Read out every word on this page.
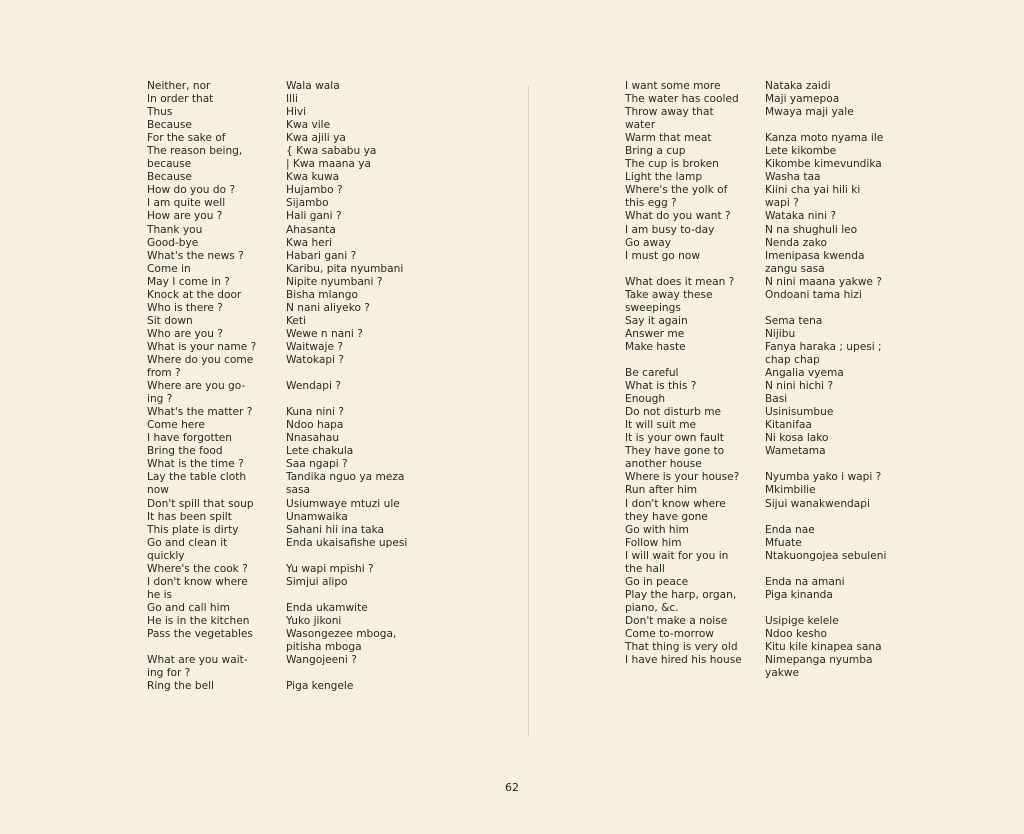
Neither, nor	Wala wala
In order that	Illi
Thus	Hivi
Because	Kwa vile
For the sake of	Kwa ajili ya
The reason being,	{ Kwa sababu ya
because	| Kwa maana ya
Because	Kwa kuwa
How do you do ?	Hujambo ?
I am quite well	Sijambo
How are you ?	Hali gani ?
Thank you	Ahasanta
Good-bye	Kwa heri
What's the news ?	Habari gani ?
Come in	Karibu, pita nyumbani
May I come in ?	Nipite nyumbani ?
Knock at the door	Bisha mlango
Who is there ?	N nani aliyeko ?
Sit down	Keti
Who are you ?	Wewe n nani ?
What is your name ?	Waitwaje ?
Where do you come	Watokapi ?
from ?
Where are you go-	Wendapi ?
ing ?
What's the matter ?	Kuna nini ?
Come here	Ndoo hapa
I have forgotten	Nnasahau
Bring the food	Lete chakula
What is the time ?	Saa ngapi ?
Lay the table cloth	Tandika nguo ya meza
now	sasa
Don't spill that soup	Usiumwaye mtuzi ule
It has been spilt	Unamwaika
This plate is dirty	Sahani hii ina taka
Go and clean it	Enda ukaisafishe upesi
quickly
Where's the cook ?	Yu wapi mpishi ?
I don't know where	Simjui alipo
he is
Go and call him	Enda ukamwite
He is in the kitchen	Yuko jikoni
Pass the vegetables	Wasongezee mboga,
pitisha mboga
What are you wait-	Wangojeeni ?
ing for ?
Ring the bell	Piga kengele
I want some more	Nataka zaidi
The water has cooled	Maji yamepoa
Throw away that	Mwaya maji yale
water
Warm that meat	Kanza moto nyama ile
Bring a cup	Lete kikombe
The cup is broken	Kikombe kimevundika
Light the lamp	Washa taa
Where's the yolk of	Kiini cha yai hili ki
this egg ?	wapi ?
What do you want ?	Wataka nini ?
I am busy to-day	N na shughuli leo
Go away	Nenda zako
I must go now	Imenipasa kwenda
zangu sasa
What does it mean ?	N nini maana yakwe ?
Take away these	Ondoani tama hizi
sweepings
Say it again	Sema tena
Answer me	Nijibu
Make haste	Fanya haraka ; upesi ;
chap chap
Be careful	Angalia vyema
What is this ?	N nini hichi ?
Enough	Basi
Do not disturb me	Usinisumbue
It will suit me	Kitanifaa
It is your own fault	Ni kosa lako
They have gone to	Wametama
another house
Where is your house?	Nyumba yako i wapi ?
Run after him	Mkimbilie
I don't know where	Sijui wanakwendapi
they have gone
Go with him	Enda nae
Follow him	Mfuate
I will wait for you in	Ntakuongojea sebuleni
the hall
Go in peace	Enda na amani
Play the harp, organ,	Piga kinanda
piano, &c.
Don't make a noise	Usipige kelele
Come to-morrow	Ndoo kesho
That thing is very old	Kitu kile kinapea sana
I have hired his house	Nimepanga nyumba
yakwe
62
